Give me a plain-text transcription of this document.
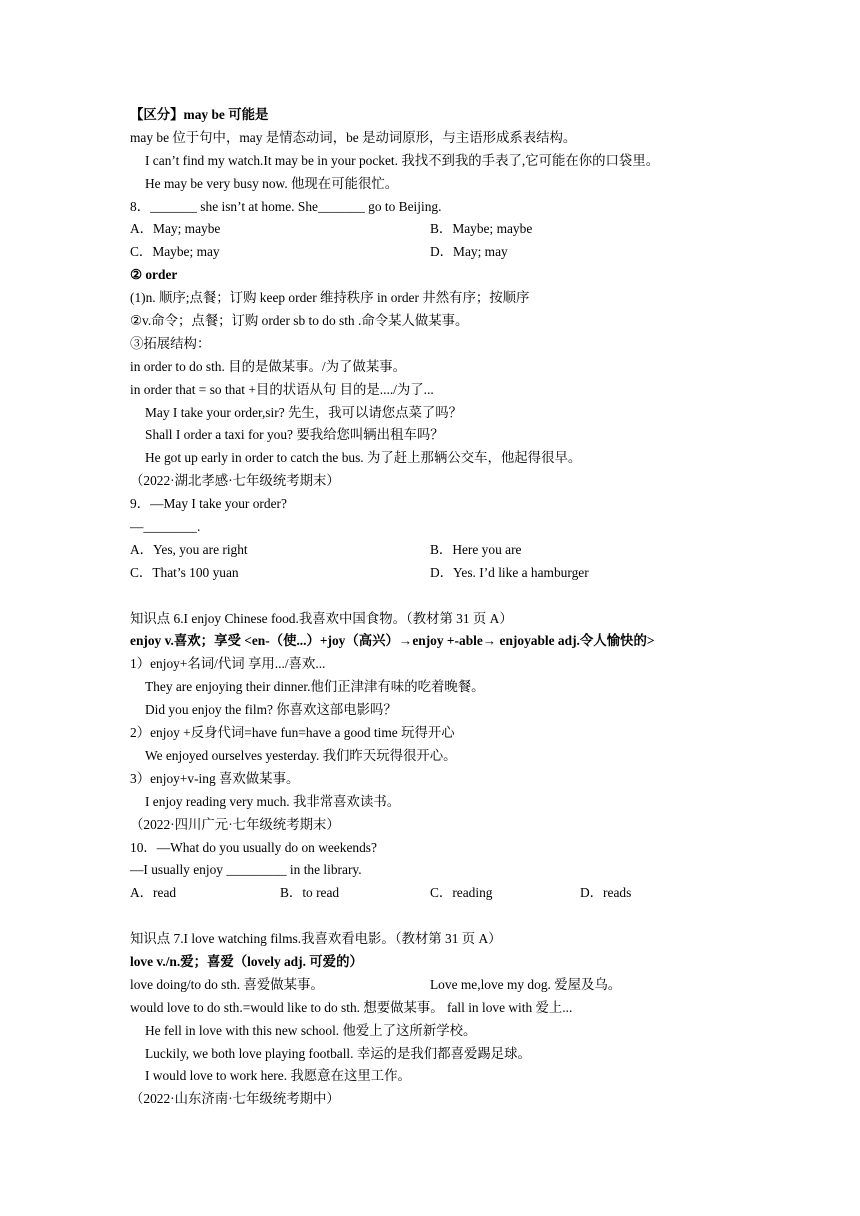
【区分】may be 可能是
may be 位于句中，may 是情态动词，be 是动词原形，与主语形成系表结构。
I can’t find my watch.It may be in your pocket. 我找不到我的手表了,它可能在你的口袋里。
He may be very busy now. 他现在可能很忙。
8．_______ she isn’t at home. She_______ go to Beijing.
A．May; maybe	B．Maybe; maybe
C．Maybe; may	D．May; may
② order
(1)n. 顺序;点餐；订购 keep order 维持秩序 in order 井然有序；按顺序
②v.命令；点餐；订购 order sb to do sth .命令某人做某事。
③拓展结构：
in order to do sth. 目的是做某事。/为了做某事。
in order that = so that +目的状语从句 目的是..../为了...
May I take your order,sir? 先生，我可以请您点菜了吗？
Shall I order a taxi for you? 要我给您叫辆出租车吗？
He got up early in order to catch the bus. 为了赶上那辆公交车，他起得很早。
（2022·湖北孝感·七年级统考期末）
9．—May I take your order?
—________.
A．Yes, you are right	B．Here you are
C．That’s 100 yuan	D．Yes. I’d like a hamburger
知识点 6.I enjoy Chinese food.我喜欢中国食物。（教材第 31 页 A）
enjoy v.喜欢；享受 <en-（使...）+joy（高兴）→enjoy +-able→ enjoyable adj.令人愉快的>
1）enjoy+名词/代词 享用.../喜欢...
They are enjoying their dinner.他们正津津有味的吃着晚餐。
Did you enjoy the film? 你喜欢这部电影吗？
2）enjoy +反身代词=have fun=have a good time 玩得开心
We enjoyed ourselves yesterday. 我们昨天玩得很开心。
3）enjoy+v-ing 喜欢做某事。
I enjoy reading very much. 我非常喜欢读书。
（2022·四川广元·七年级统考期末）
10．—What do you usually do on weekends?
—I usually enjoy _________ in the library.
A．read	B．to read	C．reading	D．reads
知识点 7.I love watching films.我喜欢看电影。（教材第 31 页 A）
love v./n.爱；喜爱（lovely adj. 可爱的）
love doing/to do sth. 喜爱做某事。	Love me,love my dog. 爱屋及乌。
would love to do sth.=would like to do sth. 想要做某事。 fall in love with 爱上...
He fell in love with this new school. 他爱上了这所新学校。
Luckily, we both love playing football. 幸运的是我们都喜爱踢足球。
I would love to work here. 我愿意在这里工作。
（2022·山东济南·七年级统考期中）
